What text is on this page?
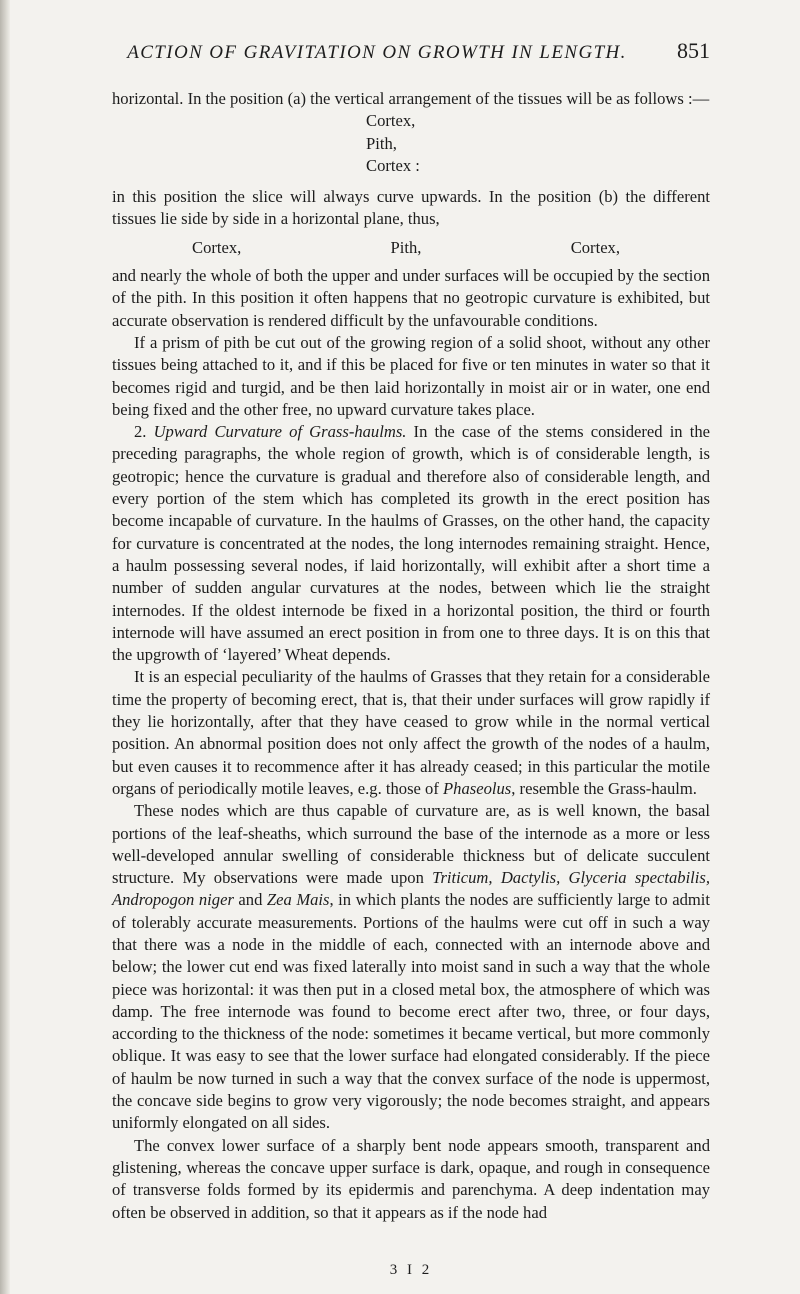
ACTION OF GRAVITATION ON GROWTH IN LENGTH.	851

horizontal. In the position (a) the vertical arrangement of the tissues will be as follows :—

Cortex,
Pith,
Cortex :

in this position the slice will always curve upwards. In the position (b) the different tissues lie side by side in a horizontal plane, thus,

Cortex,	Pith,	Cortex,

and nearly the whole of both the upper and under surfaces will be occupied by the section of the pith. In this position it often happens that no geotropic curvature is exhibited, but accurate observation is rendered difficult by the unfavourable conditions.

If a prism of pith be cut out of the growing region of a solid shoot, without any other tissues being attached to it, and if this be placed for five or ten minutes in water so that it becomes rigid and turgid, and be then laid horizontally in moist air or in water, one end being fixed and the other free, no upward curvature takes place.

2. Upward Curvature of Grass-haulms. In the case of the stems considered in the preceding paragraphs, the whole region of growth, which is of considerable length, is geotropic; hence the curvature is gradual and therefore also of considerable length, and every portion of the stem which has completed its growth in the erect position has become incapable of curvature. In the haulms of Grasses, on the other hand, the capacity for curvature is concentrated at the nodes, the long internodes remaining straight. Hence, a haulm possessing several nodes, if laid horizontally, will exhibit after a short time a number of sudden angular curvatures at the nodes, between which lie the straight internodes. If the oldest internode be fixed in a horizontal position, the third or fourth internode will have assumed an erect position in from one to three days. It is on this that the upgrowth of ‘layered’ Wheat depends.

It is an especial peculiarity of the haulms of Grasses that they retain for a considerable time the property of becoming erect, that is, that their under surfaces will grow rapidly if they lie horizontally, after that they have ceased to grow while in the normal vertical position. An abnormal position does not only affect the growth of the nodes of a haulm, but even causes it to recommence after it has already ceased; in this particular the motile organs of periodically motile leaves, e.g. those of Phaseolus, resemble the Grass-haulm.

These nodes which are thus capable of curvature are, as is well known, the basal portions of the leaf-sheaths, which surround the base of the internode as a more or less well-developed annular swelling of considerable thickness but of delicate succulent structure. My observations were made upon Triticum, Dactylis, Glyceria spectabilis, Andropogon niger and Zea Mais, in which plants the nodes are sufficiently large to admit of tolerably accurate measurements. Portions of the haulms were cut off in such a way that there was a node in the middle of each, connected with an internode above and below; the lower cut end was fixed laterally into moist sand in such a way that the whole piece was horizontal: it was then put in a closed metal box, the atmosphere of which was damp. The free internode was found to become erect after two, three, or four days, according to the thickness of the node: sometimes it became vertical, but more commonly oblique. It was easy to see that the lower surface had elongated considerably. If the piece of haulm be now turned in such a way that the convex surface of the node is uppermost, the concave side begins to grow very vigorously; the node becomes straight, and appears uniformly elongated on all sides.

The convex lower surface of a sharply bent node appears smooth, transparent and glistening, whereas the concave upper surface is dark, opaque, and rough in consequence of transverse folds formed by its epidermis and parenchyma. A deep indentation may often be observed in addition, so that it appears as if the node had

3 I 2
